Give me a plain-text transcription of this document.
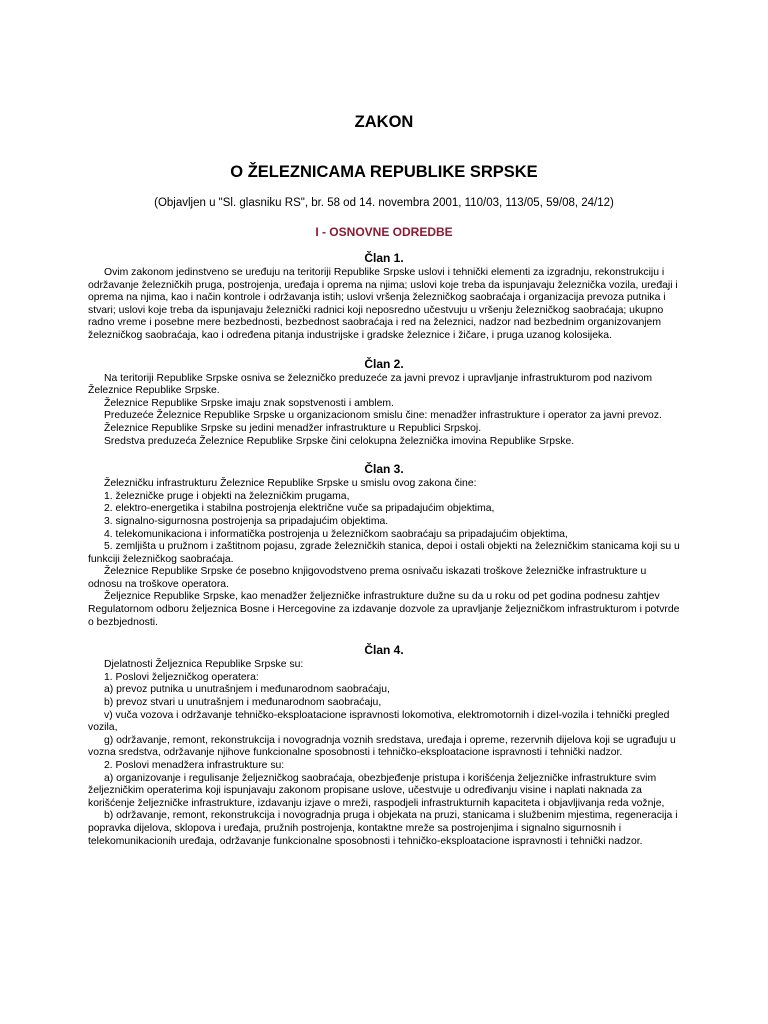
ZAKON
O ŽELEZNICAMA REPUBLIKE SRPSKE
(Objavljen u "Sl. glasniku RS", br. 58 od 14. novembra 2001, 110/03, 113/05, 59/08, 24/12)
I - OSNOVNE ODREDBE
Član 1.

Ovim zakonom jedinstveno se uređuju na teritoriji Republike Srpske uslovi i tehnički elementi za izgradnju, rekonstrukciju i održavanje železničkih pruga, postrojenja, uređaja i oprema na njima; uslovi koje treba da ispunjavaju železnička vozila, uređaji i oprema na njima, kao i način kontrole i održavanja istih; uslovi vršenja železničkog saobraćaja i organizacija prevoza putnika i stvari; uslovi koje treba da ispunjavaju železnički radnici koji neposredno učestvuju u vršenju železničkog saobraćaja; ukupno radno vreme i posebne mere bezbednosti, bezbednost saobraćaja i red na železnici, nadzor nad bezbednim organizovanjem železničkog saobraćaja, kao i određena pitanja industrijske i gradske železnice i žičare, i pruga uzanog kolosijeka.

Član 2.

Na teritoriji Republike Srpske osniva se železničko preduzeće za javni prevoz i upravljanje infrastrukturom pod nazivom Železnice Republike Srpske.

Železnice Republike Srpske imaju znak sopstvenosti i amblem.

Preduzeće Železnice Republike Srpske u organizacionom smislu čine: menadžer infrastrukture i operator za javni prevoz.

Železnice Republike Srpske su jedini menadžer infrastrukture u Republici Srpskoj.

Sredstva preduzeća Železnice Republike Srpske čini celokupna železnička imovina Republike Srpske.

Član 3.

Železničku infrastrukturu Železnice Republike Srpske u smislu ovog zakona čine:

1. železničke pruge i objekti na železničkim prugama,

2. elektro-energetika i stabilna postrojenja električne vuče sa pripadajućim objektima,

3. signalno-sigurnosna postrojenja sa pripadajućim objektima.

4. telekomunikaciona i informatička postrojenja u železničkom saobraćaju sa pripadajućim objektima,

5. zemljišta u pružnom i zaštitnom pojasu, zgrade železničkih stanica, depoi i ostali objekti na železničkim stanicama koji su u funkciji železničkog saobraćaja.

Železnice Republike Srpske će posebno knjigovodstveno prema osnivaču iskazati troškove železničke infrastrukture u odnosu na troškove operatora.

Željeznice Republike Srpske, kao menadžer željezničke infrastrukture dužne su da u roku od pet godina podnesu zahtjev Regulatornom odboru željeznica Bosne i Hercegovine za izdavanje dozvole za upravljanje željezničkom infrastrukturom i potvrde o bezbjednosti.

Član 4.

Djelatnosti Željeznica Republike Srpske su:

1. Poslovi željezničkog operatera:

a) prevoz putnika u unutrašnjem i međunarodnom saobraćaju,

b) prevoz stvari u unutrašnjem i međunarodnom saobraćaju,

v) vuča vozova i održavanje tehničko-eksploatacione ispravnosti lokomotiva, elektromotornih i dizel-vozila i tehnički pregled vozila,

g) održavanje, remont, rekonstrukcija i novogradnja voznih sredstava, uređaja i opreme, rezervnih dijelova koji se ugrađuju u vozna sredstva, održavanje njihove funkcionalne sposobnosti i tehničko-eksploatacione ispravnosti i tehnički nadzor.

2. Poslovi menadžera infrastrukture su:

a) organizovanje i regulisanje željezničkog saobraćaja, obezbjeđenje pristupa i korišćenja željezničke infrastrukture svim željezničkim operaterima koji ispunjavaju zakonom propisane uslove, učestvuje u određivanju visine i naplati naknada za korišćenje željezničke infrastrukture, izdavanju izjave o mreži, raspodjeli infrastrukturnih kapaciteta i objavljivanja reda vožnje,

b) održavanje, remont, rekonstrukcija i novogradnja pruga i objekata na pruzi, stanicama i službenim mjestima, regeneracija i popravka dijelova, sklopova i uređaja, pružnih postrojenja, kontaktne mreže sa postrojenjima i signalno sigurnosnih i telekomunikacionih uređaja, održavanje funkcionalne sposobnosti i tehničko-eksploatacione ispravnosti i tehnički nadzor.
